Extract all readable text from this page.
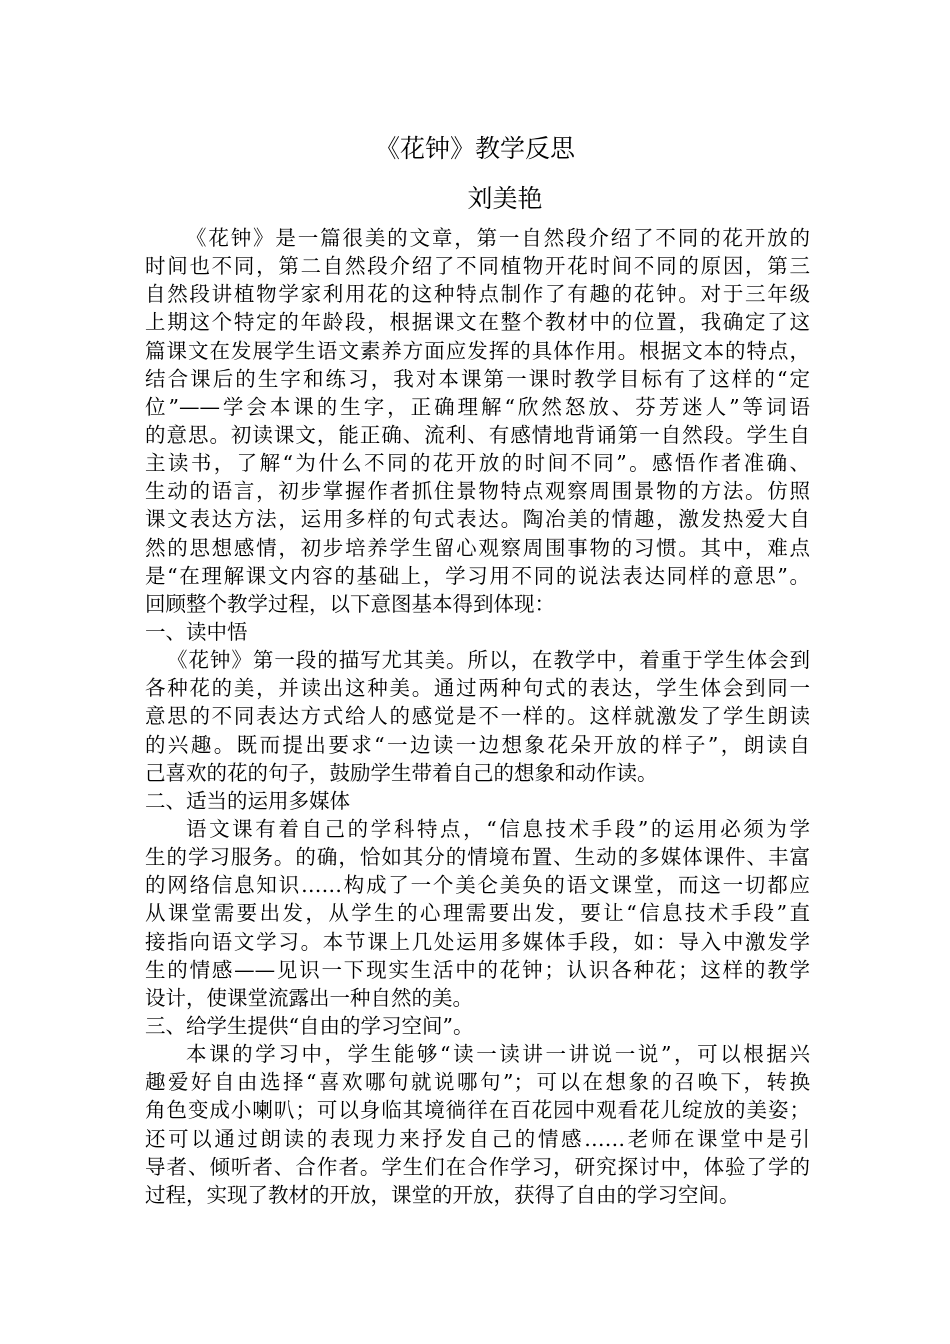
《花钟》教学反思
刘美艳
《花钟》是一篇很美的文章，第一自然段介绍了不同的花开放的
时间也不同，第二自然段介绍了不同植物开花时间不同的原因，第三
自然段讲植物学家利用花的这种特点制作了有趣的花钟。对于三年级
上期这个特定的年龄段，根据课文在整个教材中的位置，我确定了这
篇课文在发展学生语文素养方面应发挥的具体作用。根据文本的特点，
结合课后的生字和练习，我对本课第一课时教学目标有了这样的“定
位”——学会本课的生字，正确理解“欣然怒放、芬芳迷人”等词语
的意思。初读课文，能正确、流利、有感情地背诵第一自然段。学生自
主读书，了解“为什么不同的花开放的时间不同”。感悟作者准确、
生动的语言，初步掌握作者抓住景物特点观察周围景物的方法。仿照
课文表达方法，运用多样的句式表达。陶冶美的情趣，激发热爱大自
然的思想感情，初步培养学生留心观察周围事物的习惯。其中，难点
是“在理解课文内容的基础上，学习用不同的说法表达同样的意思”。
回顾整个教学过程，以下意图基本得到体现：
一、读中悟
《花钟》第一段的描写尤其美。所以，在教学中，着重于学生体会到
各种花的美，并读出这种美。通过两种句式的表达，学生体会到同一
意思的不同表达方式给人的感觉是不一样的。这样就激发了学生朗读
的兴趣。既而提出要求“一边读一边想象花朵开放的样子”，朗读自
己喜欢的花的句子，鼓励学生带着自己的想象和动作读。
二、适当的运用多媒体
语文课有着自己的学科特点，“信息技术手段”的运用必须为学
生的学习服务。的确，恰如其分的情境布置、生动的多媒体课件、丰富
的网络信息知识……构成了一个美仑美奂的语文课堂，而这一切都应
从课堂需要出发，从学生的心理需要出发，要让“信息技术手段”直
接指向语文学习。本节课上几处运用多媒体手段，如：导入中激发学
生的情感——见识一下现实生活中的花钟；认识各种花；这样的教学
设计，使课堂流露出一种自然的美。
三、给学生提供“自由的学习空间”。
本课的学习中，学生能够“读一读讲一讲说一说”，可以根据兴
趣爱好自由选择“喜欢哪句就说哪句”；可以在想象的召唤下，转换
角色变成小喇叭；可以身临其境徜徉在百花园中观看花儿绽放的美姿；
还可以通过朗读的表现力来抒发自己的情感……老师在课堂中是引
导者、倾听者、合作者。学生们在合作学习，研究探讨中，体验了学的
过程，实现了教材的开放，课堂的开放，获得了自由的学习空间。
